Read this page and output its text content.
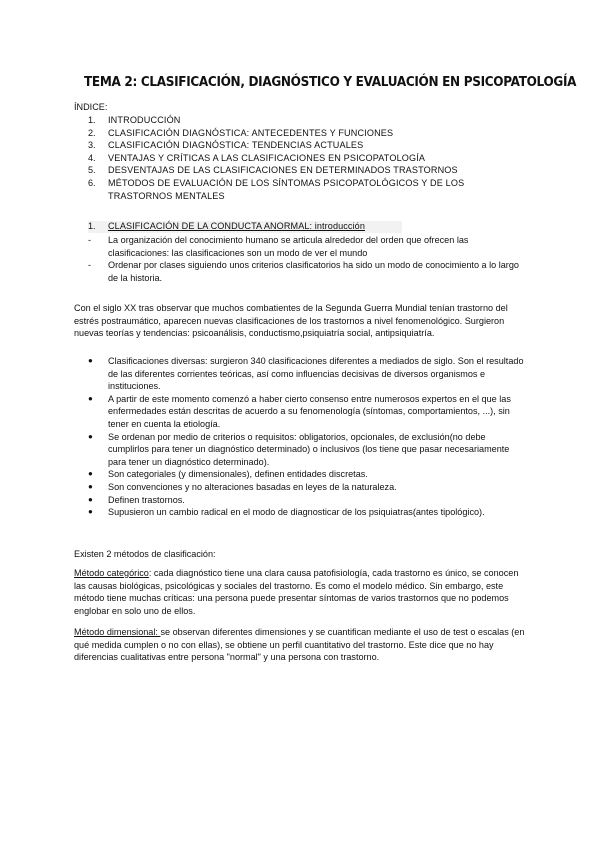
TEMA 2: CLASIFICACIÓN, DIAGNÓSTICO Y EVALUACIÓN EN PSICOPATOLOGÍA
ÍNDICE:
1.	INTRODUCCIÓN
2.	CLASIFICACIÓN DIAGNÓSTICA: ANTECEDENTES Y FUNCIONES
3.	CLASIFICACIÓN DIAGNÓSTICA: TENDENCIAS ACTUALES
4.	VENTAJAS Y CRÍTICAS A LAS CLASIFICACIONES EN PSICOPATOLOGÍA
5.	DESVENTAJAS DE LAS CLASIFICACIONES EN DETERMINADOS TRASTORNOS
6.	MÉTODOS DE EVALUACIÓN DE LOS SÍNTOMAS PSICOPATOLÓGICOS Y DE LOS TRASTORNOS MENTALES
1.	CLASIFICACIÓN DE LA CONDUCTA ANORMAL: introducción
-	La organización del conocimiento humano se articula alrededor del orden que ofrecen las clasificaciones: las clasificaciones son un modo de ver el mundo
-	Ordenar por clases siguiendo unos criterios clasificatorios ha sido un modo de conocimiento a lo largo de la historia.

Con el siglo XX tras observar que muchos combatientes de la Segunda Guerra Mundial tenían trastorno del estrés postraumático, aparecen nuevas clasificaciones de los trastornos a nivel fenomenológico. Surgieron nuevas teorías y tendencias: psicoanálisis, conductismo,psiquiatría social, antipsiquiatría.

●	Clasificaciones diversas: surgieron 340 clasificaciones diferentes a mediados de siglo. Son el resultado de las diferentes corrientes teóricas, así como influencias decisivas de diversos organismos e instituciones.
●	A partir de este momento comenzó a haber cierto consenso entre numerosos expertos en el que las enfermedades están descritas de acuerdo a su fenomenología (síntomas, comportamientos, ...), sin tener en cuenta la etiología.
●	Se ordenan por medio de criterios o requisitos: obligatorios, opcionales, de exclusión(no debe cumplirlos para tener un diagnóstico determinado) o inclusivos (los tiene que pasar necesariamente para tener un diagnóstico determinado).
●	Son categoriales (y dimensionales), definen entidades discretas.
●	Son convenciones y no alteraciones basadas en leyes de la naturaleza.
●	Definen trastornos.
●	Supusieron un cambio radical en el modo de diagnosticar de los psiquiatras(antes tipológico).
Existen 2 métodos de clasificación:

Método categórico: cada diagnóstico tiene una clara causa patofisiología, cada trastorno es único, se conocen las causas biológicas, psicológicas y sociales del trastorno. Es como el modelo médico. Sin embargo, este método tiene muchas críticas: una persona puede presentar síntomas de varios trastornos que no podemos englobar en solo uno de ellos.

Método dimensional: se observan diferentes dimensiones y se cuantifican mediante el uso de test o escalas (en qué medida cumplen o no con ellas), se obtiene un perfil cuantitativo del trastorno. Este dice que no hay diferencias cualitativas entre persona "normal" y una persona con trastorno.
